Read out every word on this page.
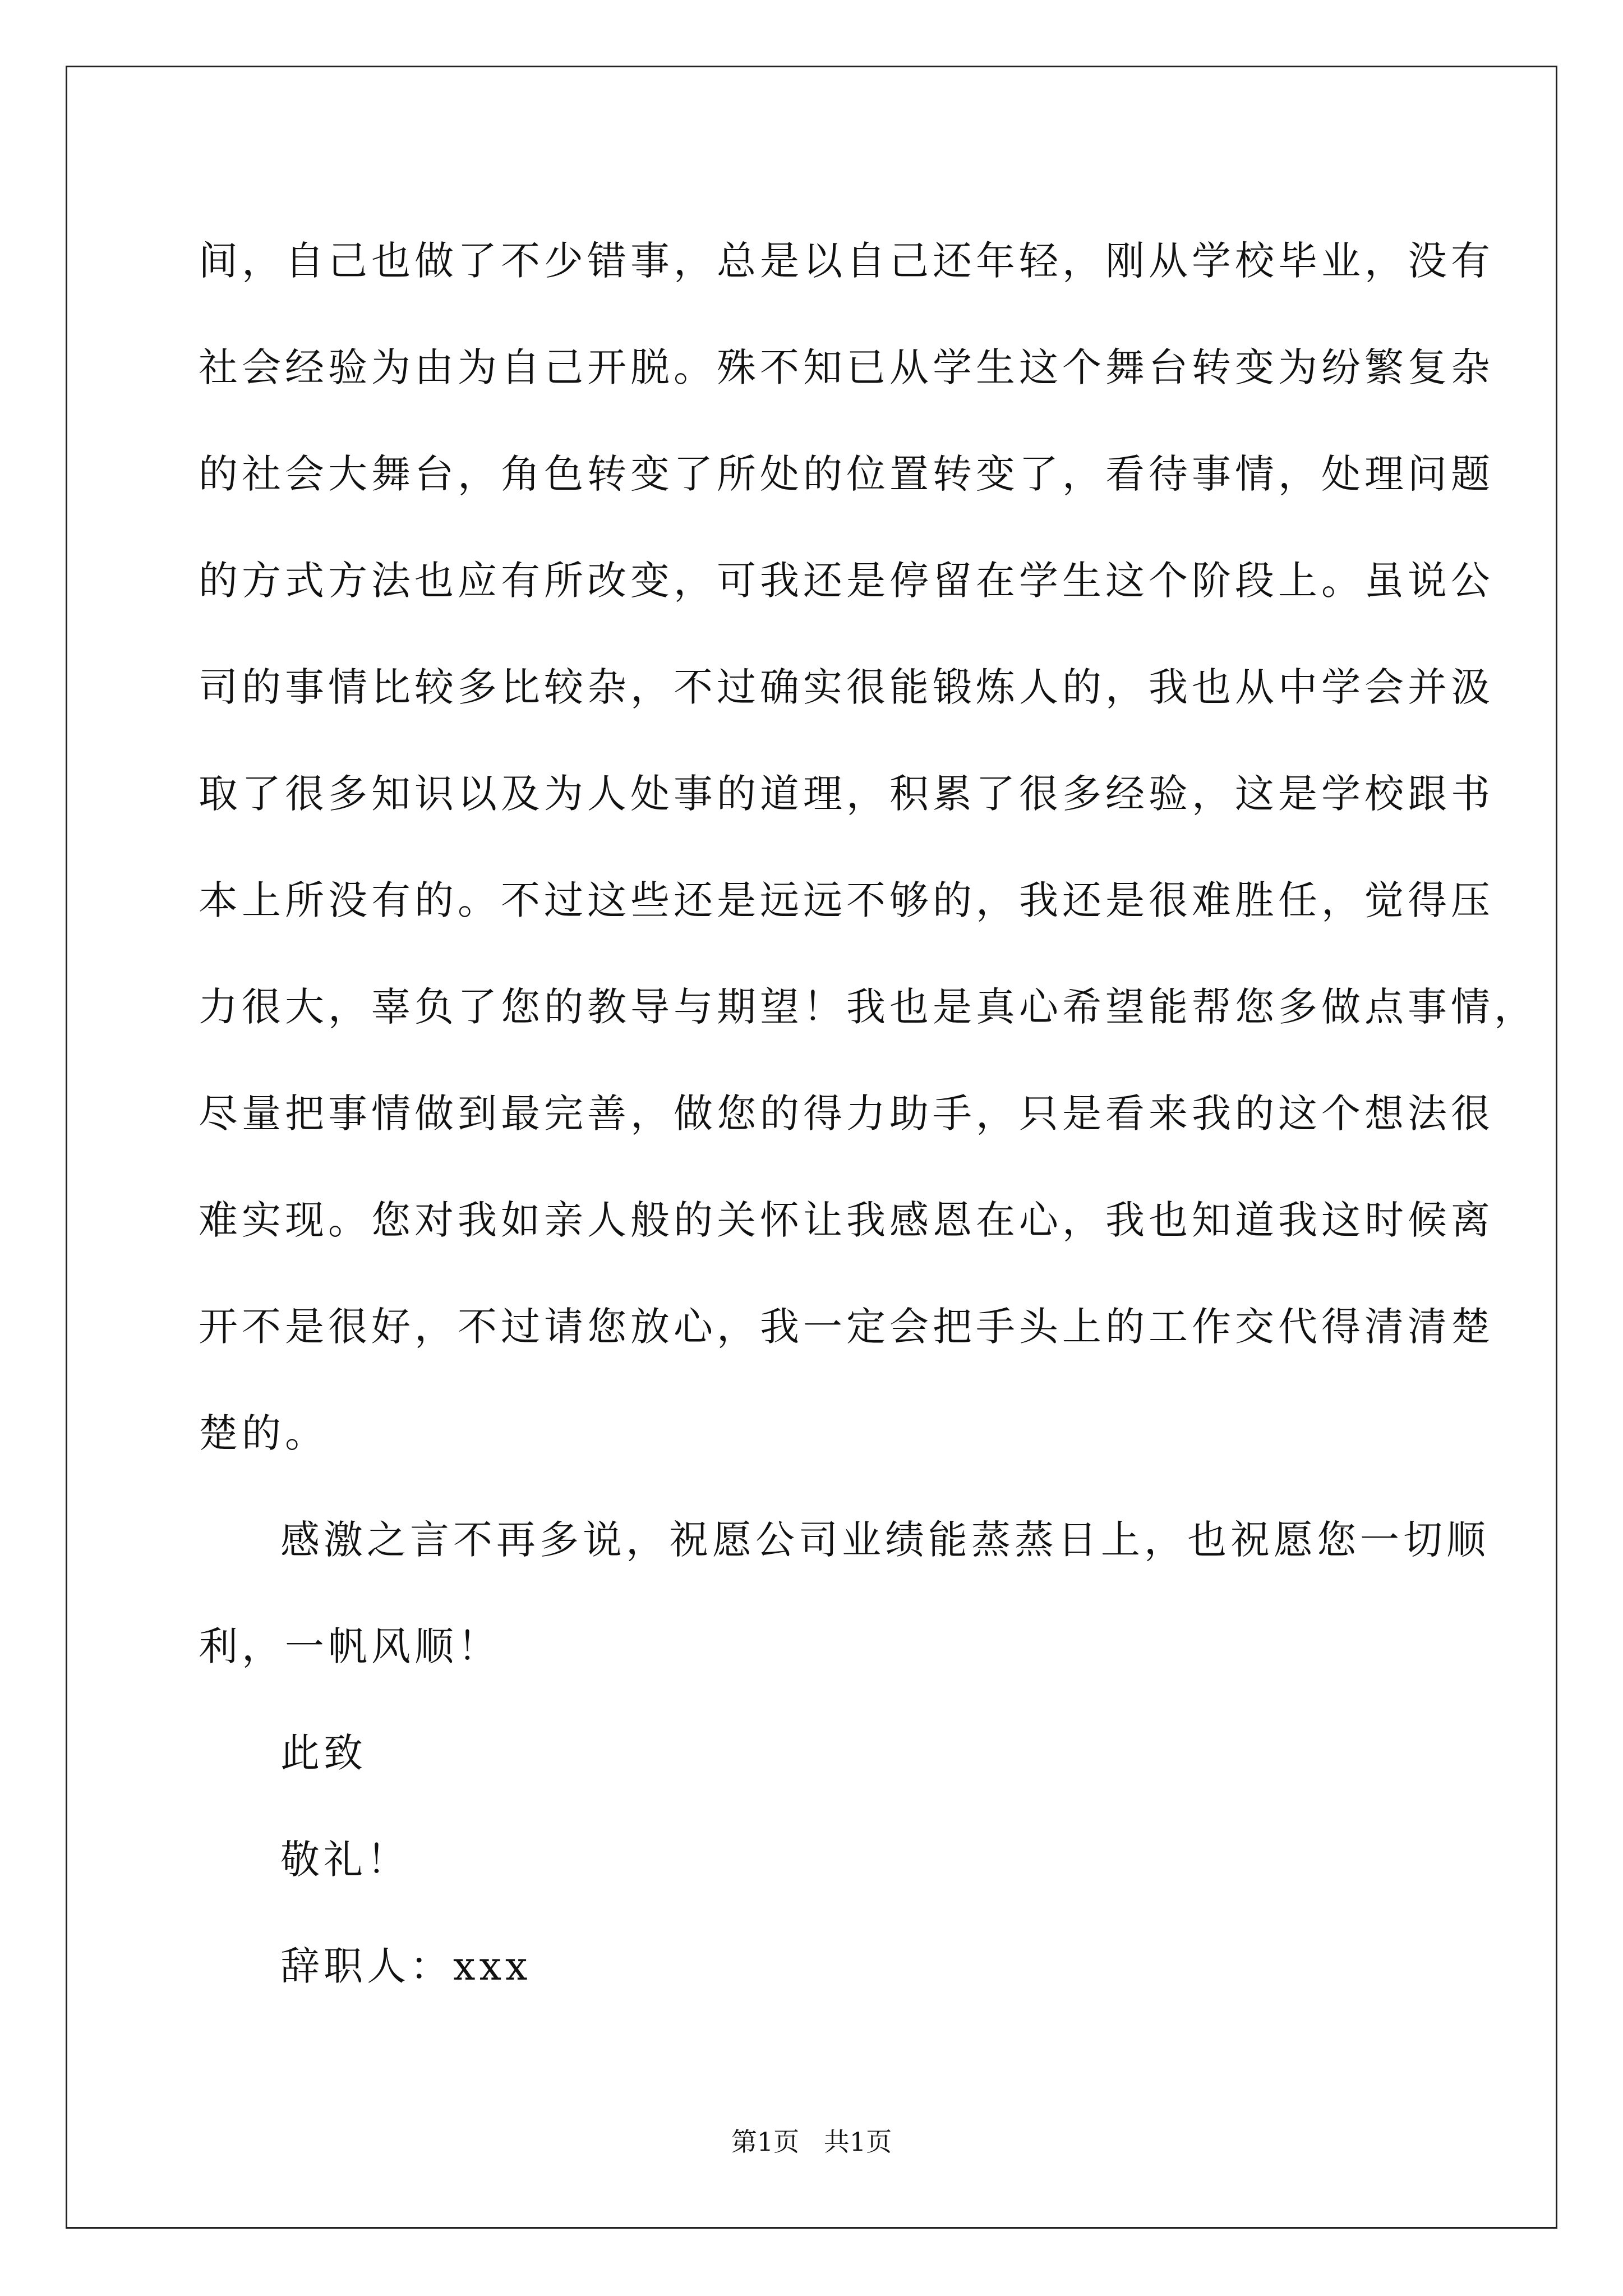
间，自己也做了不少错事，总是以自己还年轻，刚从学校毕业，没有
社会经验为由为自己开脱。殊不知已从学生这个舞台转变为纷繁复杂
的社会大舞台，角色转变了所处的位置转变了，看待事情，处理问题
的方式方法也应有所改变，可我还是停留在学生这个阶段上。虽说公
司的事情比较多比较杂，不过确实很能锻炼人的，我也从中学会并汲
取了很多知识以及为人处事的道理，积累了很多经验，这是学校跟书
本上所没有的。不过这些还是远远不够的，我还是很难胜任，觉得压
力很大，辜负了您的教导与期望！我也是真心希望能帮您多做点事情，
尽量把事情做到最完善，做您的得力助手，只是看来我的这个想法很
难实现。您对我如亲人般的关怀让我感恩在心，我也知道我这时候离
开不是很好，不过请您放心，我一定会把手头上的工作交代得清清楚
楚的。
感激之言不再多说，祝愿公司业绩能蒸蒸日上，也祝愿您一切顺
利，一帆风顺！
此致
敬礼！
辞职人：xxx
第1页   共1页
